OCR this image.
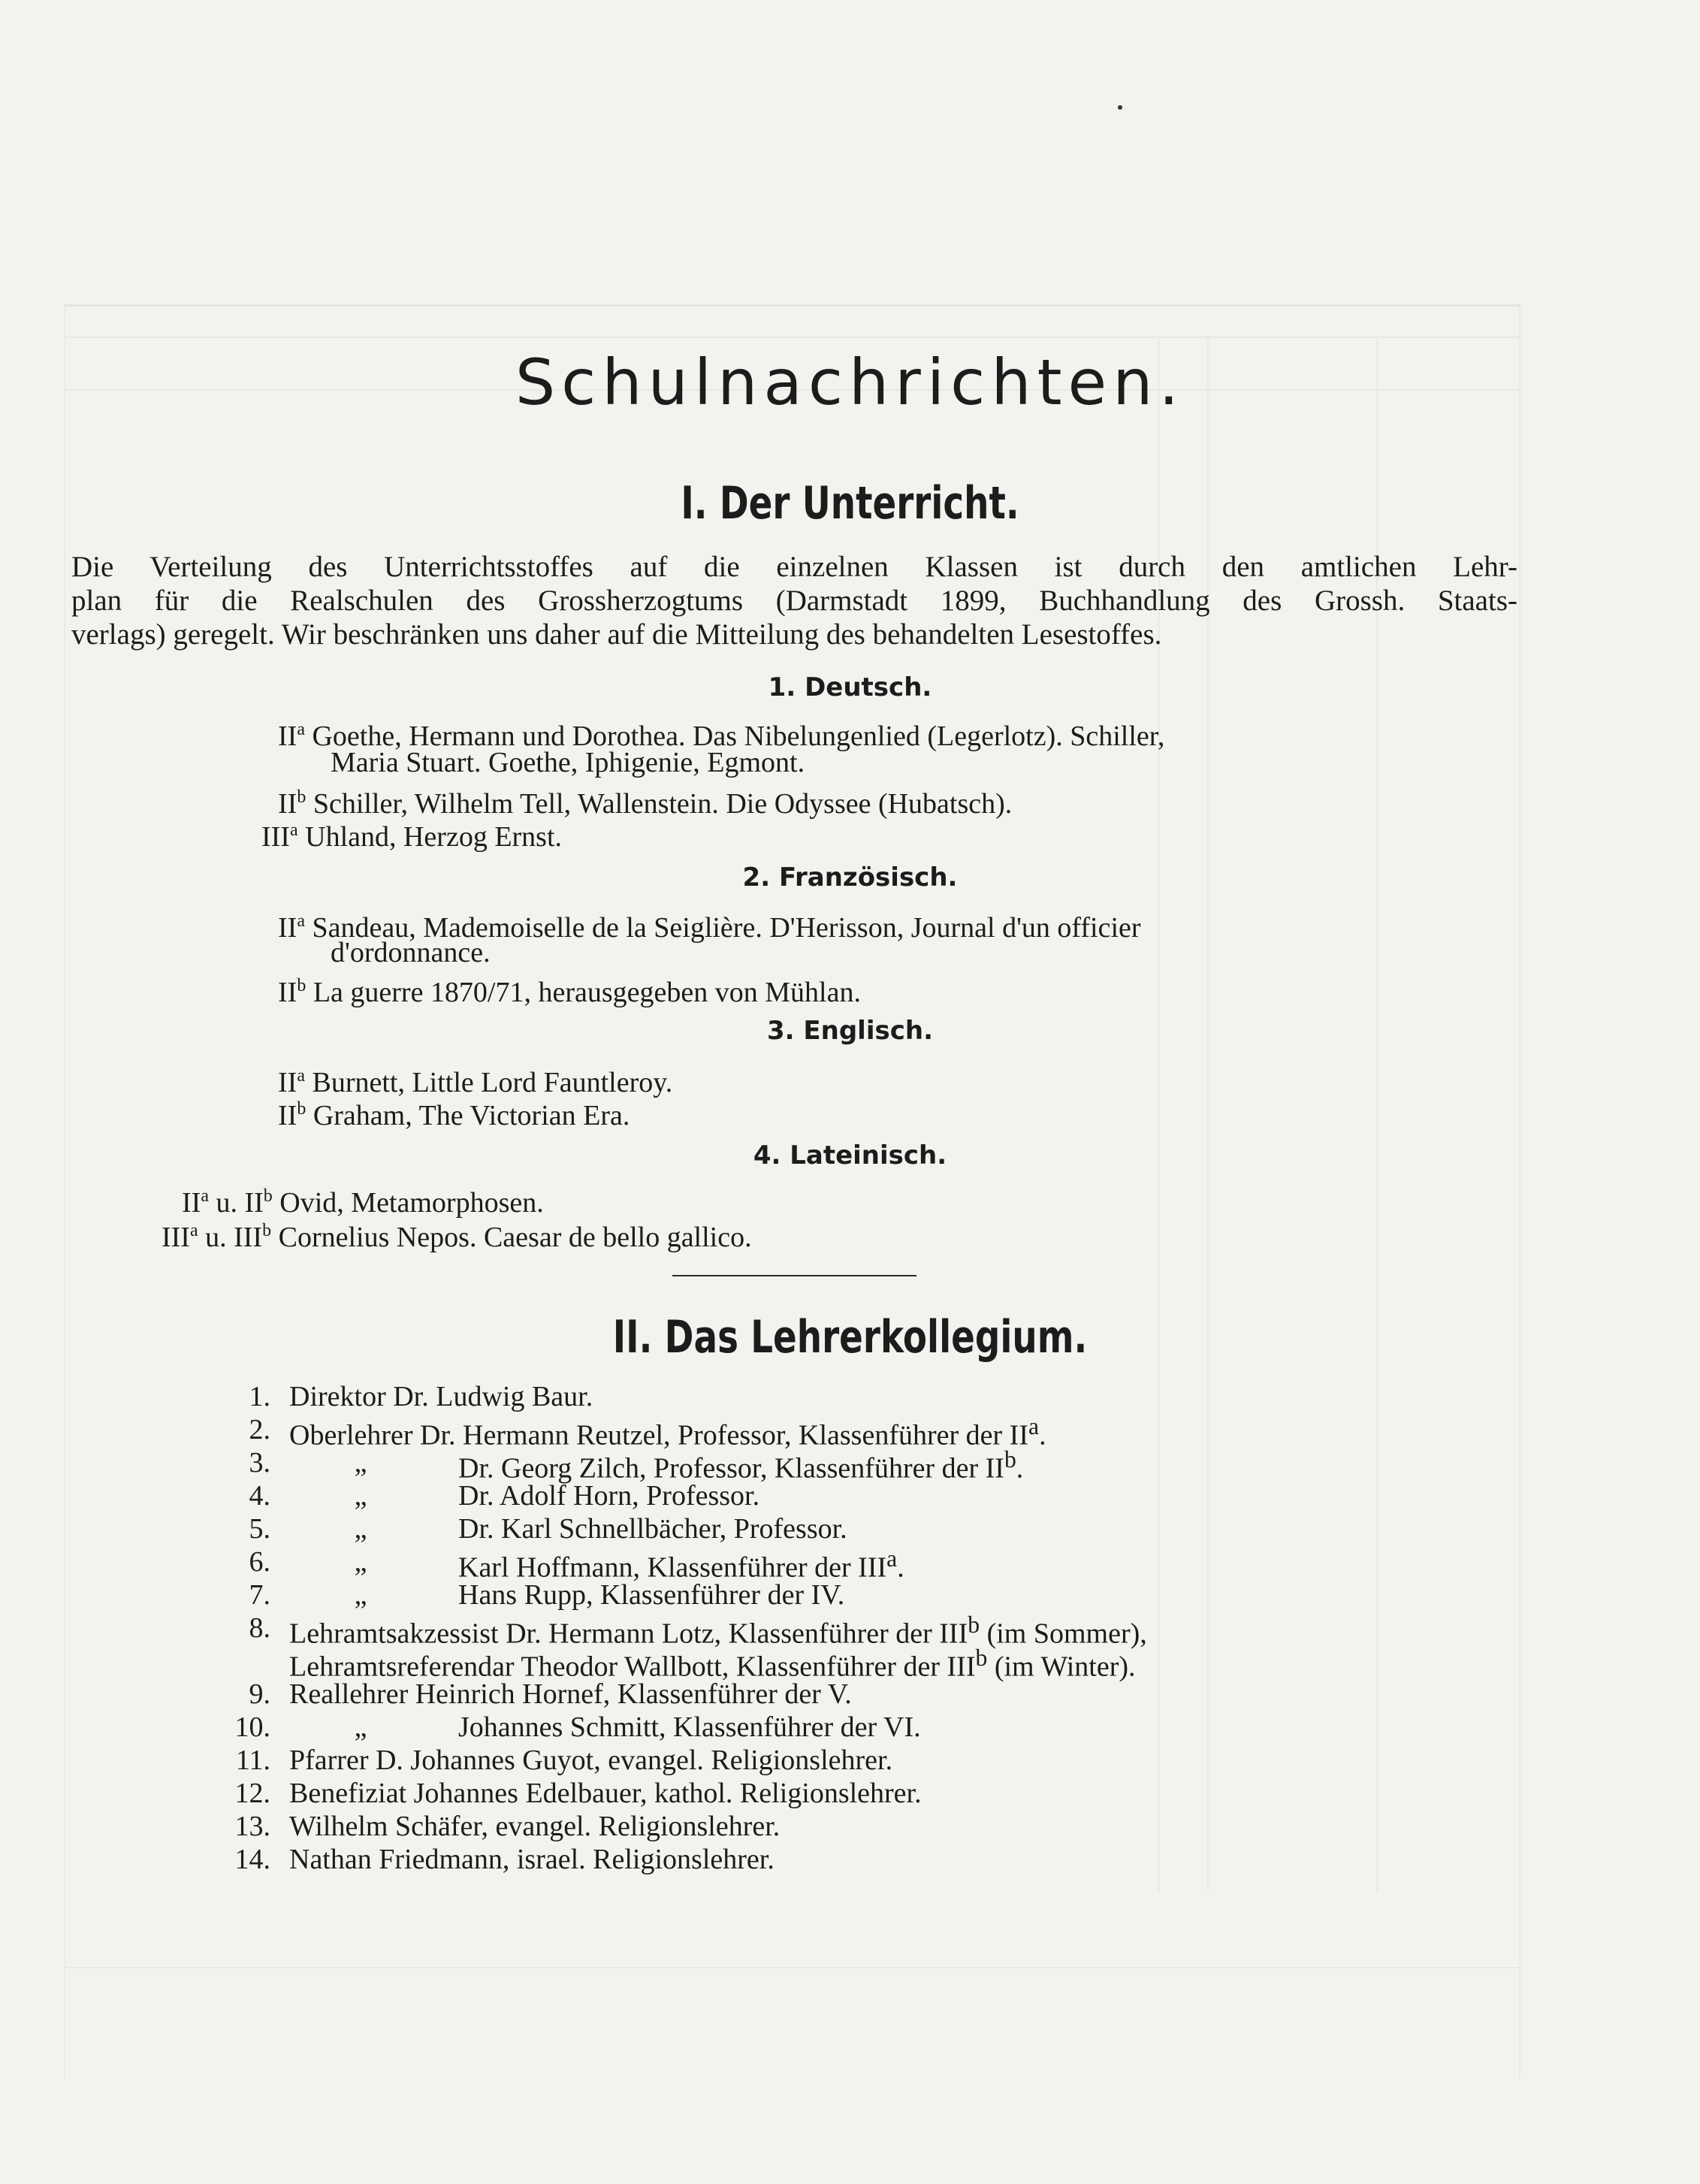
Schulnachrichten.
I. Der Unterricht.
Die Verteilung des Unterrichtsstoffes auf die einzelnen Klassen ist durch den amtlichen Lehr-
plan für die Realschulen des Grossherzogtums (Darmstadt 1899, Buchhandlung des Grossh. Staats-
verlags) geregelt. Wir beschränken uns daher auf die Mitteilung des behandelten Lesestoffes.
1. Deutsch.
$II^a$ Goethe, Hermann und Dorothea. Das Nibelungenlied (Legerlotz). Schiller,
Maria Stuart. Goethe, Iphigenie, Egmont.
$II^b$ Schiller, Wilhelm Tell, Wallenstein. Die Odyssee (Hubatsch).
III$^a$ Uhland, Herzog Ernst.
2. Französisch.
$II^a$ Sandeau, Mademoiselle de la Seiglière. D'Herisson, Journal d'un officier
d'ordonnance.
$II^b$ La guerre 1870/71, herausgegeben von Mühlan.
3. Englisch.
$II^a$ Burnett, Little Lord Fauntleroy.
$II^b$ Graham, The Victorian Era.
4. Lateinisch.
$II^a$ u. $II^b$ Ovid, Metamorphosen.
III$^a$ u. III$^b$ Cornelius Nepos. Caesar de bello gallico.
II. Das Lehrerkollegium.
1. Direktor Dr. Ludwig Baur.
2. Oberlehrer Dr. Hermann Reutzel, Professor, Klassenführer der $II^a$.
3.	„	Dr. Georg Zilch, Professor, Klassenführer der $II^b$.
4.	„	Dr. Adolf Horn, Professor.
5.	„	Dr. Karl Schnellbächer, Professor.
6.	„	Karl Hoffmann, Klassenführer der III$^a$.
7.	„	Hans Rupp, Klassenführer der IV.
8. Lehramtsakzessist Dr. Hermann Lotz, Klassenführer der III$^b$ (im Sommer),
Lehramtsreferendar Theodor Wallbott, Klassenführer der III$^b$ (im Winter).
9. Reallehrer Heinrich Hornef, Klassenführer der V.
10.	„	Johannes Schmitt, Klassenführer der VI.
11. Pfarrer D. Johannes Guyot, evangel. Religionslehrer.
12. Benefiziat Johannes Edelbauer, kathol. Religionslehrer.
13. Wilhelm Schäfer, evangel. Religionslehrer.
14. Nathan Friedmann, israel. Religionslehrer.
